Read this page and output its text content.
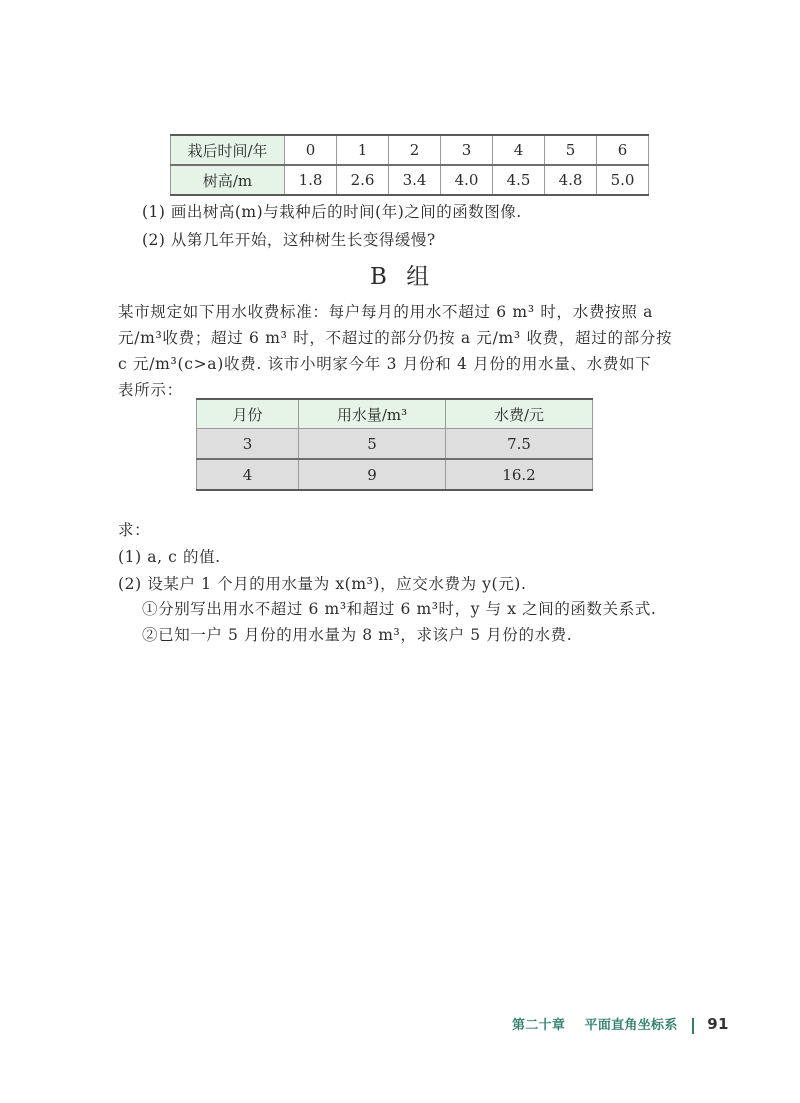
栽后时间/年	0	1	2	3	4	5	6
树高/m	1.8	2.6	3.4	4.0	4.5	4.8	5.0
(1) 画出树高(m)与栽种后的时间(年)之间的函数图像.
(2) 从第几年开始，这种树生长变得缓慢?
B 组
某市规定如下用水收费标准：每户每月的用水不超过 6 m³ 时，水费按照 a
元/m³收费；超过 6 m³ 时，不超过的部分仍按 a 元/m³ 收费，超过的部分按
c 元/m³(c>a)收费. 该市小明家今年 3 月份和 4 月份的用水量、水费如下
表所示：
月份	用水量/m³	水费/元
3	5	7.5
4	9	16.2
求：
(1) a, c 的值.
(2) 设某户 1 个月的用水量为 x(m³)，应交水费为 y(元).
①分别写出用水不超过 6 m³和超过 6 m³时，y 与 x 之间的函数关系式.
②已知一户 5 月份的用水量为 8 m³，求该户 5 月份的水费.
第二十章 平面直角坐标系 91
